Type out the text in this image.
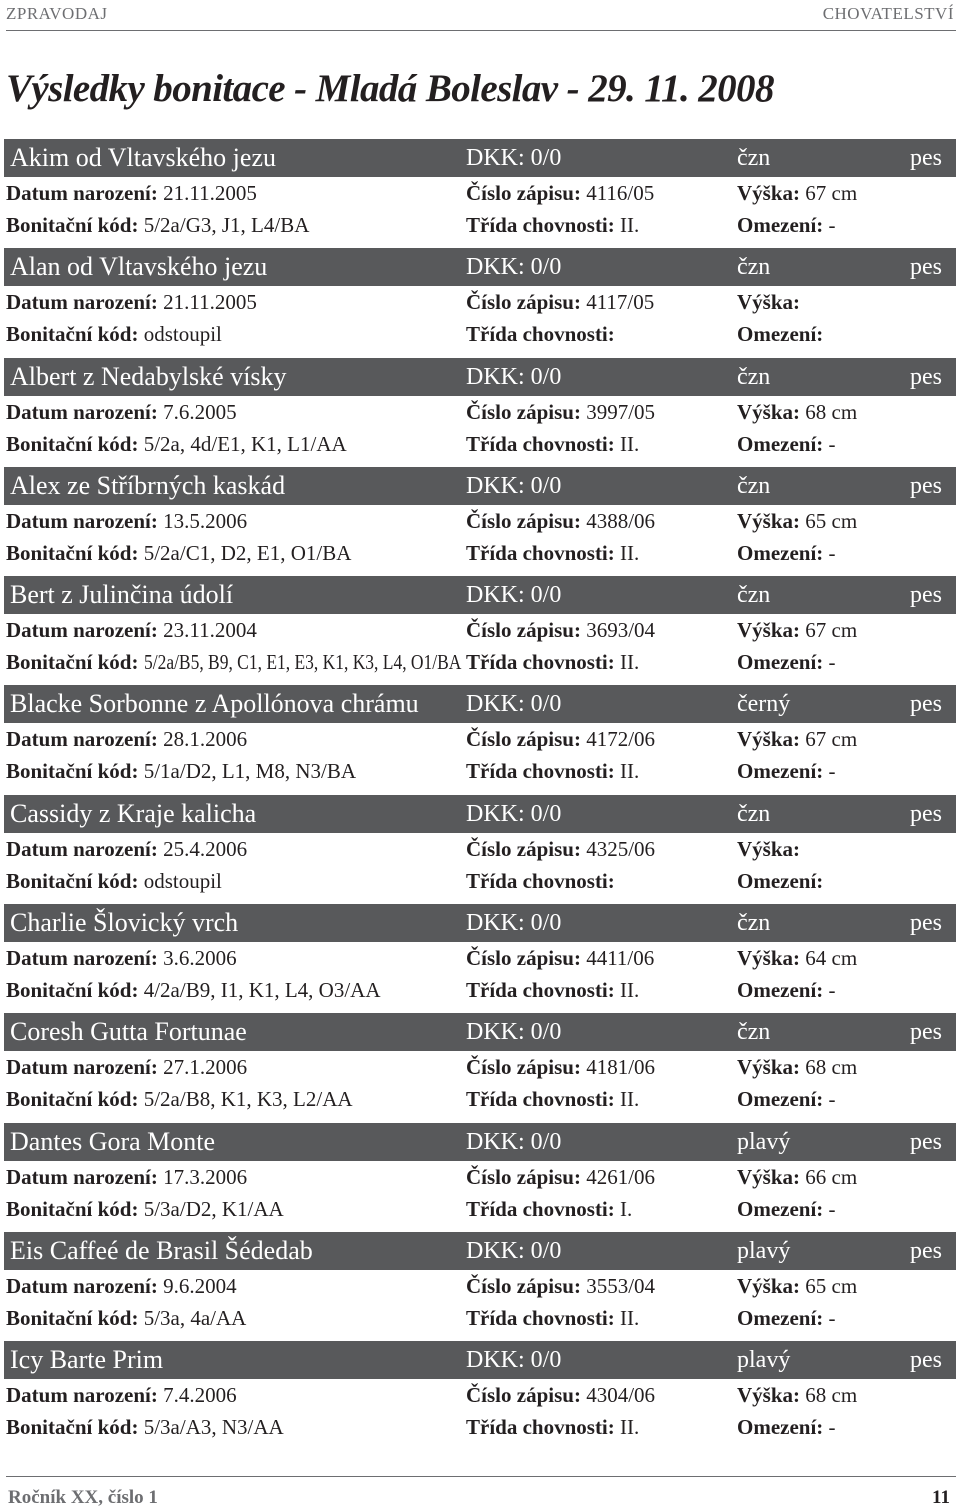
ZPRAVODAJ	CHOVATELSTVÍ
Výsledky bonitace - Mladá Boleslav - 29. 11. 2008
Akim od Vltavského jezu	DKK: 0/0	čzn	pes
Datum narození: 21.11.2005	Číslo zápisu: 4116/05	Výška: 67 cm
Bonitační kód: 5/2a/G3, J1, L4/BA	Třída chovnosti: II.	Omezení: -
Alan od Vltavského jezu	DKK: 0/0	čzn	pes
Datum narození: 21.11.2005	Číslo zápisu: 4117/05	Výška:
Bonitační kód: odstoupil	Třída chovnosti:	Omezení:
Albert z Nedabylské vísky	DKK: 0/0	čzn	pes
Datum narození: 7.6.2005	Číslo zápisu: 3997/05	Výška: 68 cm
Bonitační kód: 5/2a, 4d/E1, K1, L1/AA	Třída chovnosti: II.	Omezení: -
Alex ze Stříbrných kaskád	DKK: 0/0	čzn	pes
Datum narození: 13.5.2006	Číslo zápisu: 4388/06	Výška: 65 cm
Bonitační kód: 5/2a/C1, D2, E1, O1/BA	Třída chovnosti: II.	Omezení: -
Bert z Julinčina údolí	DKK: 0/0	čzn	pes
Datum narození: 23.11.2004	Číslo zápisu: 3693/04	Výška: 67 cm
Bonitační kód: 5/2a/B5, B9, C1, E1, E3, K1, K3, L4, O1/BA Třída chovnosti: II.	Omezení: -
Blacke Sorbonne z Apollónova chrámu DKK: 0/0	černý	pes
Datum narození: 28.1.2006	Číslo zápisu: 4172/06	Výška: 67 cm
Bonitační kód: 5/1a/D2, L1, M8, N3/BA	Třída chovnosti: II.	Omezení: -
Cassidy z Kraje kalicha	DKK: 0/0	čzn	pes
Datum narození: 25.4.2006	Číslo zápisu: 4325/06	Výška:
Bonitační kód: odstoupil	Třída chovnosti:	Omezení:
Charlie Šlovický vrch	DKK: 0/0	čzn	pes
Datum narození: 3.6.2006	Číslo zápisu: 4411/06	Výška: 64 cm
Bonitační kód: 4/2a/B9, I1, K1, L4, O3/AA	Třída chovnosti: II.	Omezení: -
Coresh Gutta Fortunae	DKK: 0/0	čzn	pes
Datum narození: 27.1.2006	Číslo zápisu: 4181/06	Výška: 68 cm
Bonitační kód: 5/2a/B8, K1, K3, L2/AA	Třída chovnosti: II.	Omezení: -
Dantes Gora Monte	DKK: 0/0	plavý	pes
Datum narození: 17.3.2006	Číslo zápisu: 4261/06	Výška: 66 cm
Bonitační kód: 5/3a/D2, K1/AA	Třída chovnosti: I.	Omezení: -
Eis Caffeé de Brasil Šédedab	DKK: 0/0	plavý	pes
Datum narození: 9.6.2004	Číslo zápisu: 3553/04	Výška: 65 cm
Bonitační kód: 5/3a, 4a/AA	Třída chovnosti: II.	Omezení: -
Icy Barte Prim	DKK: 0/0	plavý	pes
Datum narození: 7.4.2006	Číslo zápisu: 4304/06	Výška: 68 cm
Bonitační kód: 5/3a/A3, N3/AA	Třída chovnosti: II.	Omezení: -
Ročník XX, číslo 1	11
